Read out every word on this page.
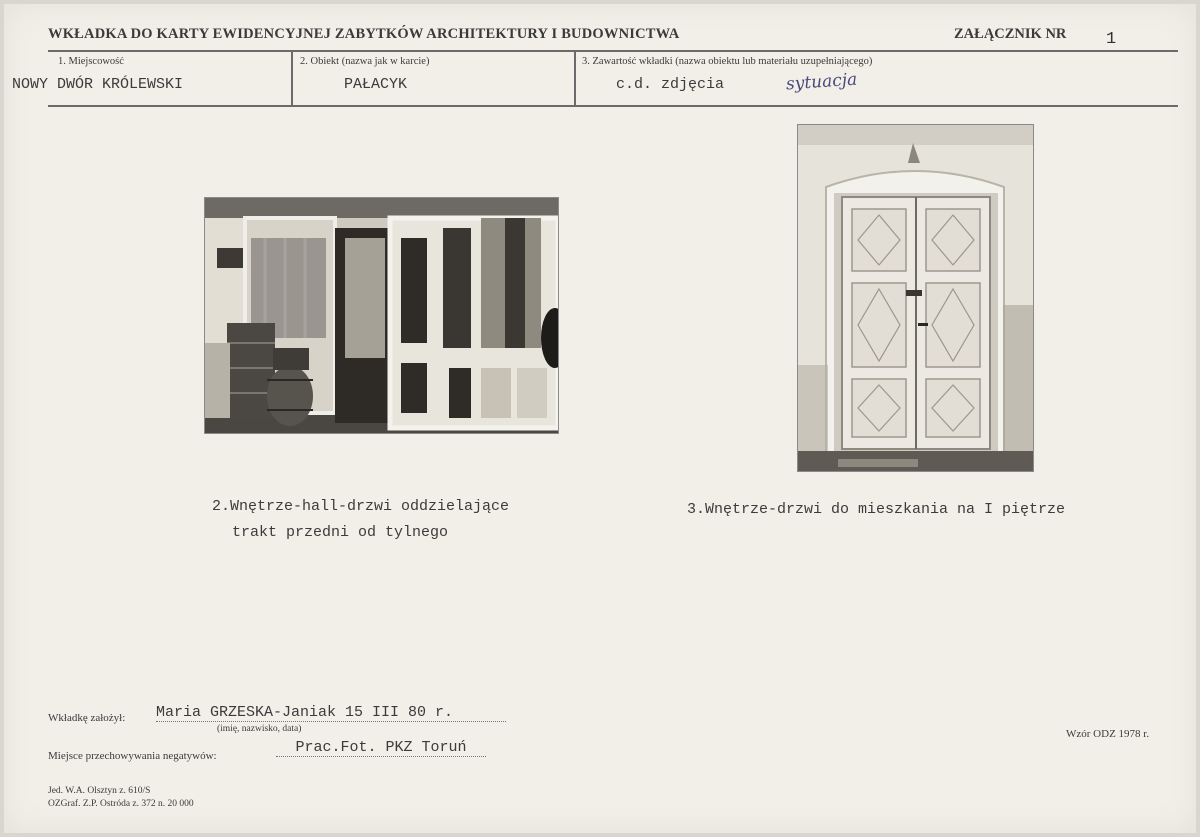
WKŁADKA DO KARTY EWIDENCYJNEJ ZABYTKÓW ARCHITEKTURY I BUDOWNICTWA	ZAŁĄCZNIK NR 1
1. Miejscowość
NOWY DWÓR KRÓLEWSKI
2. Obiekt (nazwa jak w karcie)
PAŁACYK
3. Zawartość wkładki (nazwa obiektu lub materiału uzupełniającego)
c.d. zdjęcia	sytuacja
2.Wnętrze-hall-drzwi oddzielające
trakt przedni od tylnego
3.Wnętrze-drzwi do mieszkania na I piętrze
Wkładkę założył: Maria GRZESKA-Janiak 15 III 80 r.
(imię, nazwisko, data)
Miejsce przechowywania negatywów:	Prac.Fot. PKZ Toruń
Wzór ODZ 1978 r.
Jed. W.A. Olsztyn z. 610/S
OZGraf. Z.P. Ostróda z. 372 n. 20 000
